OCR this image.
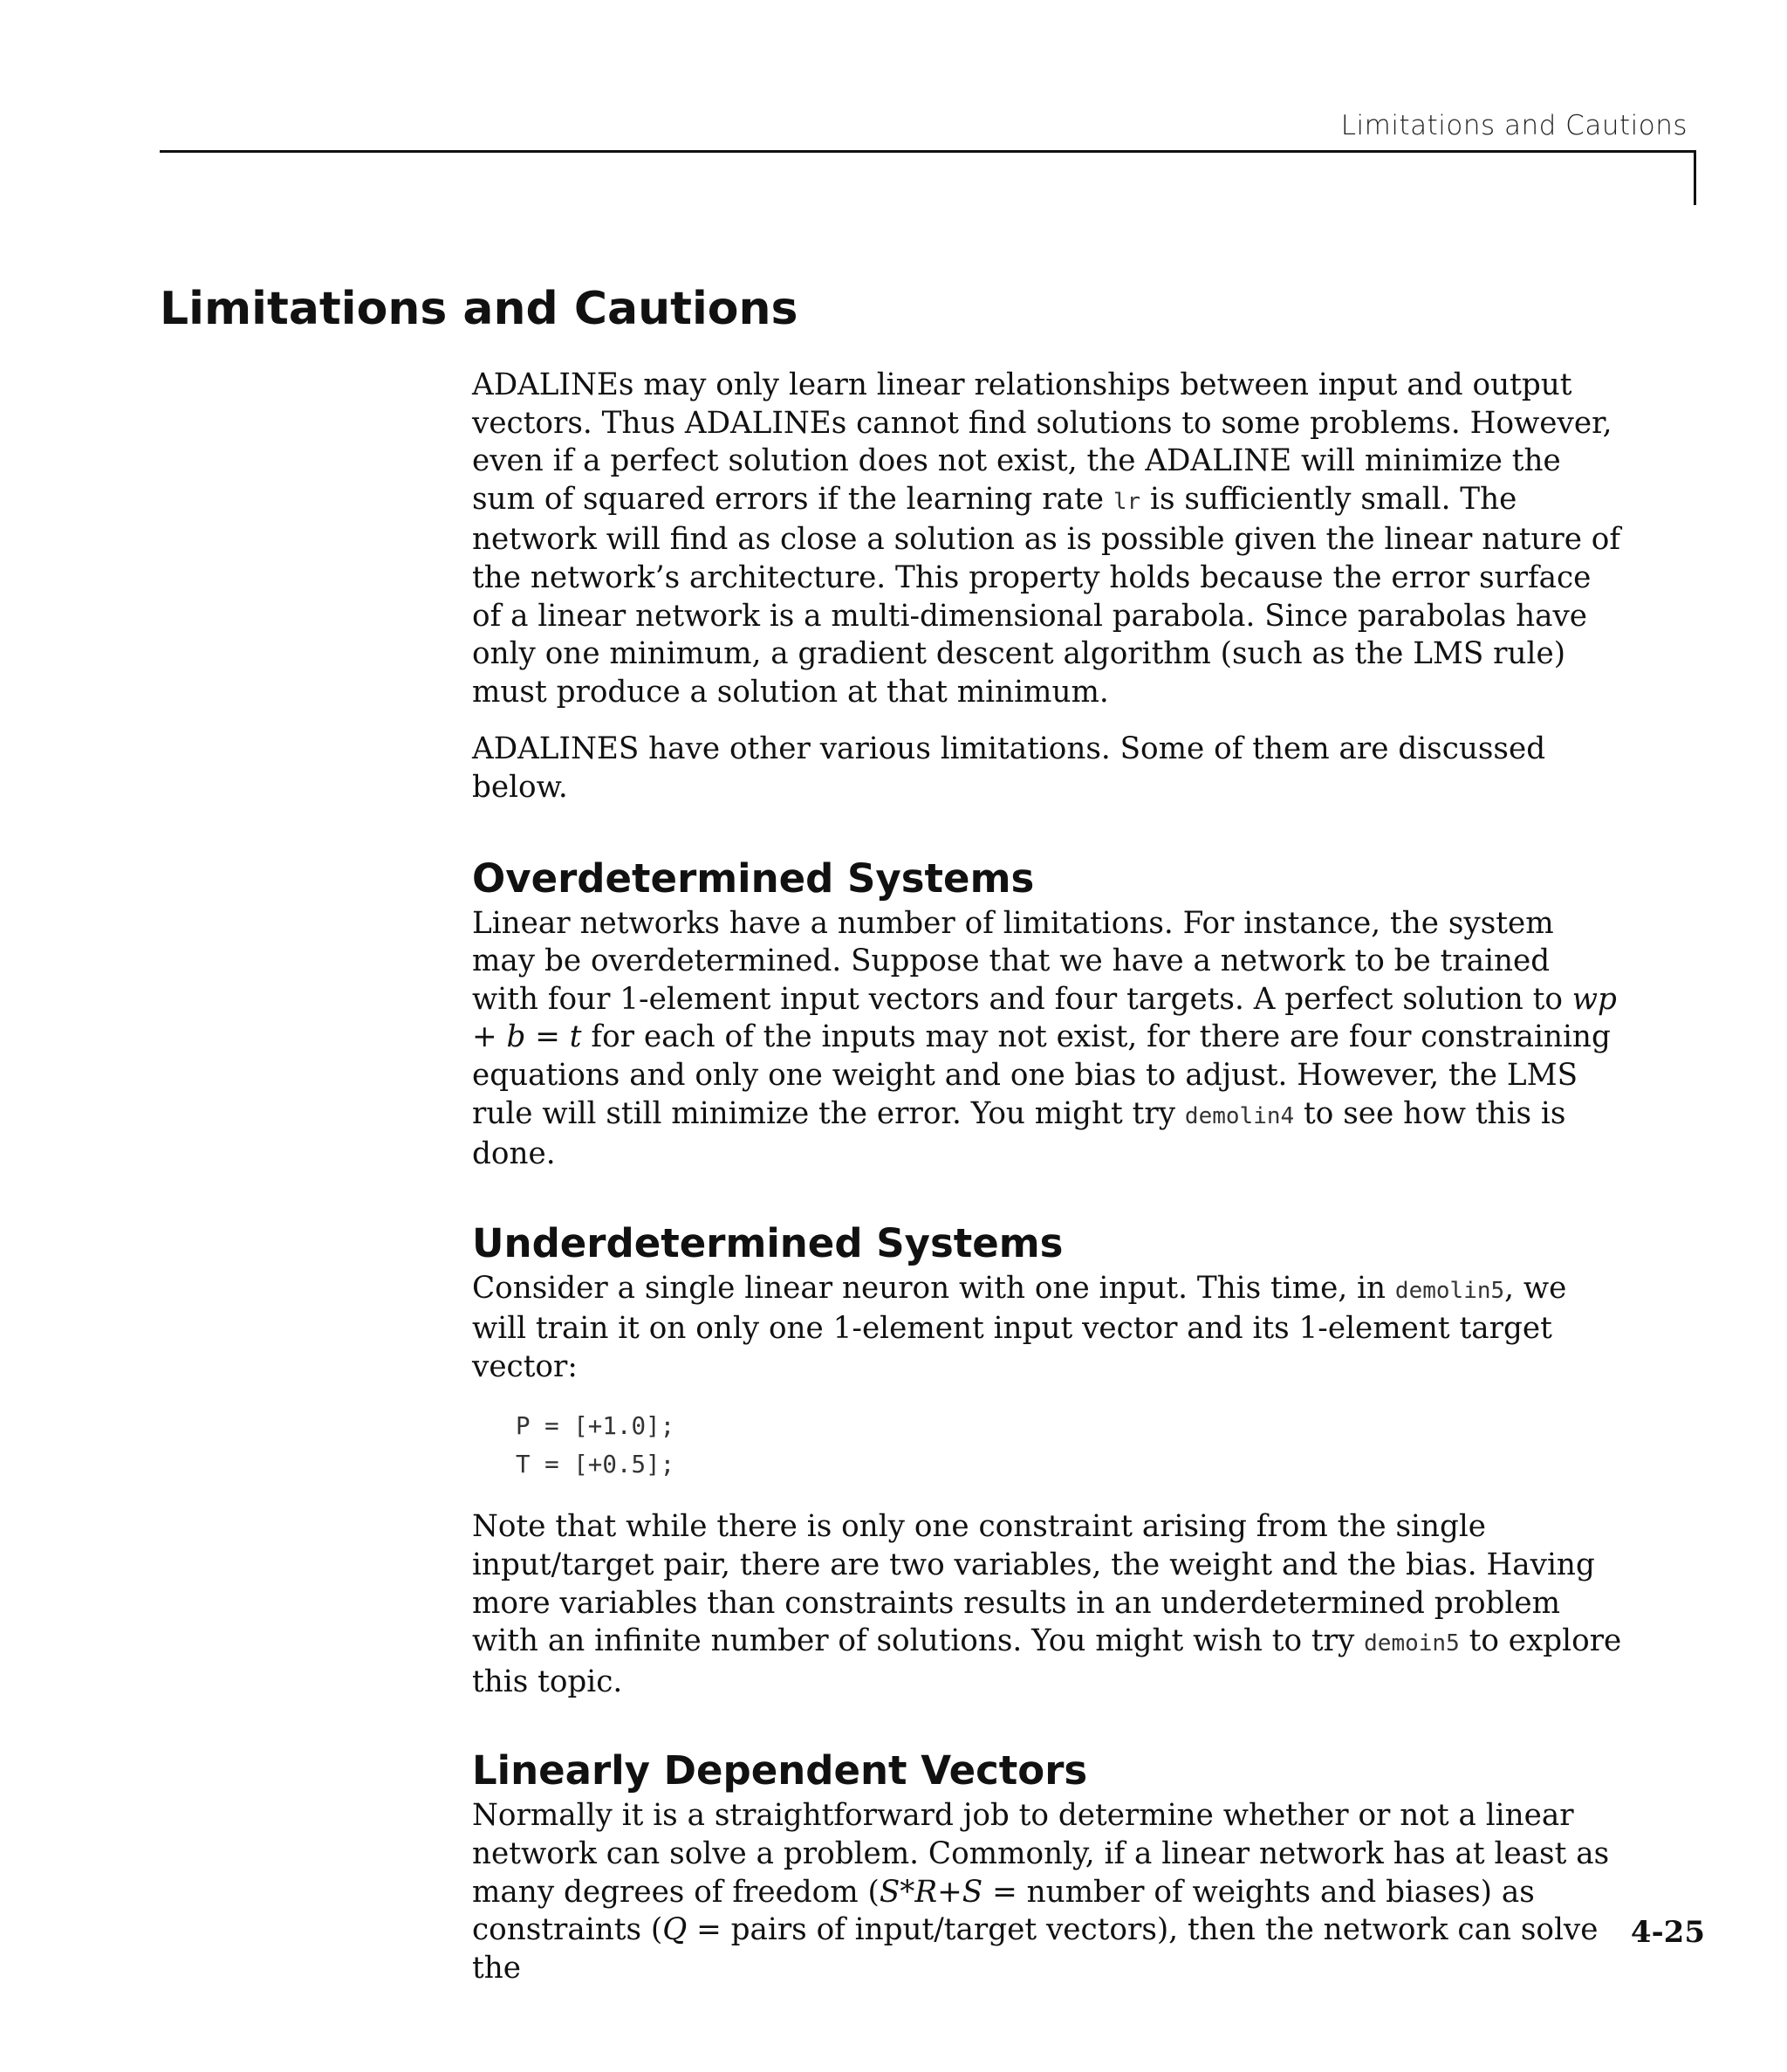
Limitations and Cautions
Limitations and Cautions

ADALINEs may only learn linear relationships between input and output vectors. Thus ADALINEs cannot find solutions to some problems. However, even if a perfect solution does not exist, the ADALINE will minimize the sum of squared errors if the learning rate lr is sufficiently small. The network will find as close a solution as is possible given the linear nature of the network’s architecture. This property holds because the error surface of a linear network is a multi-dimensional parabola. Since parabolas have only one minimum, a gradient descent algorithm (such as the LMS rule) must produce a solution at that minimum.

ADALINES have other various limitations. Some of them are discussed below.

Overdetermined Systems

Linear networks have a number of limitations. For instance, the system may be overdetermined. Suppose that we have a network to be trained with four 1-element input vectors and four targets. A perfect solution to wp + b = t for each of the inputs may not exist, for there are four constraining equations and only one weight and one bias to adjust. However, the LMS rule will still minimize the error. You might try demolin4 to see how this is done.

Underdetermined Systems

Consider a single linear neuron with one input. This time, in demolin5, we will train it on only one 1-element input vector and its 1-element target vector:

P = [+1.0];
T = [+0.5];

Note that while there is only one constraint arising from the single input/target pair, there are two variables, the weight and the bias. Having more variables than constraints results in an underdetermined problem with an infinite number of solutions. You might wish to try demoin5 to explore this topic.

Linearly Dependent Vectors

Normally it is a straightforward job to determine whether or not a linear network can solve a problem. Commonly, if a linear network has at least as many degrees of freedom (S*R+S = number of weights and biases) as constraints (Q = pairs of input/target vectors), then the network can solve the

4-25
